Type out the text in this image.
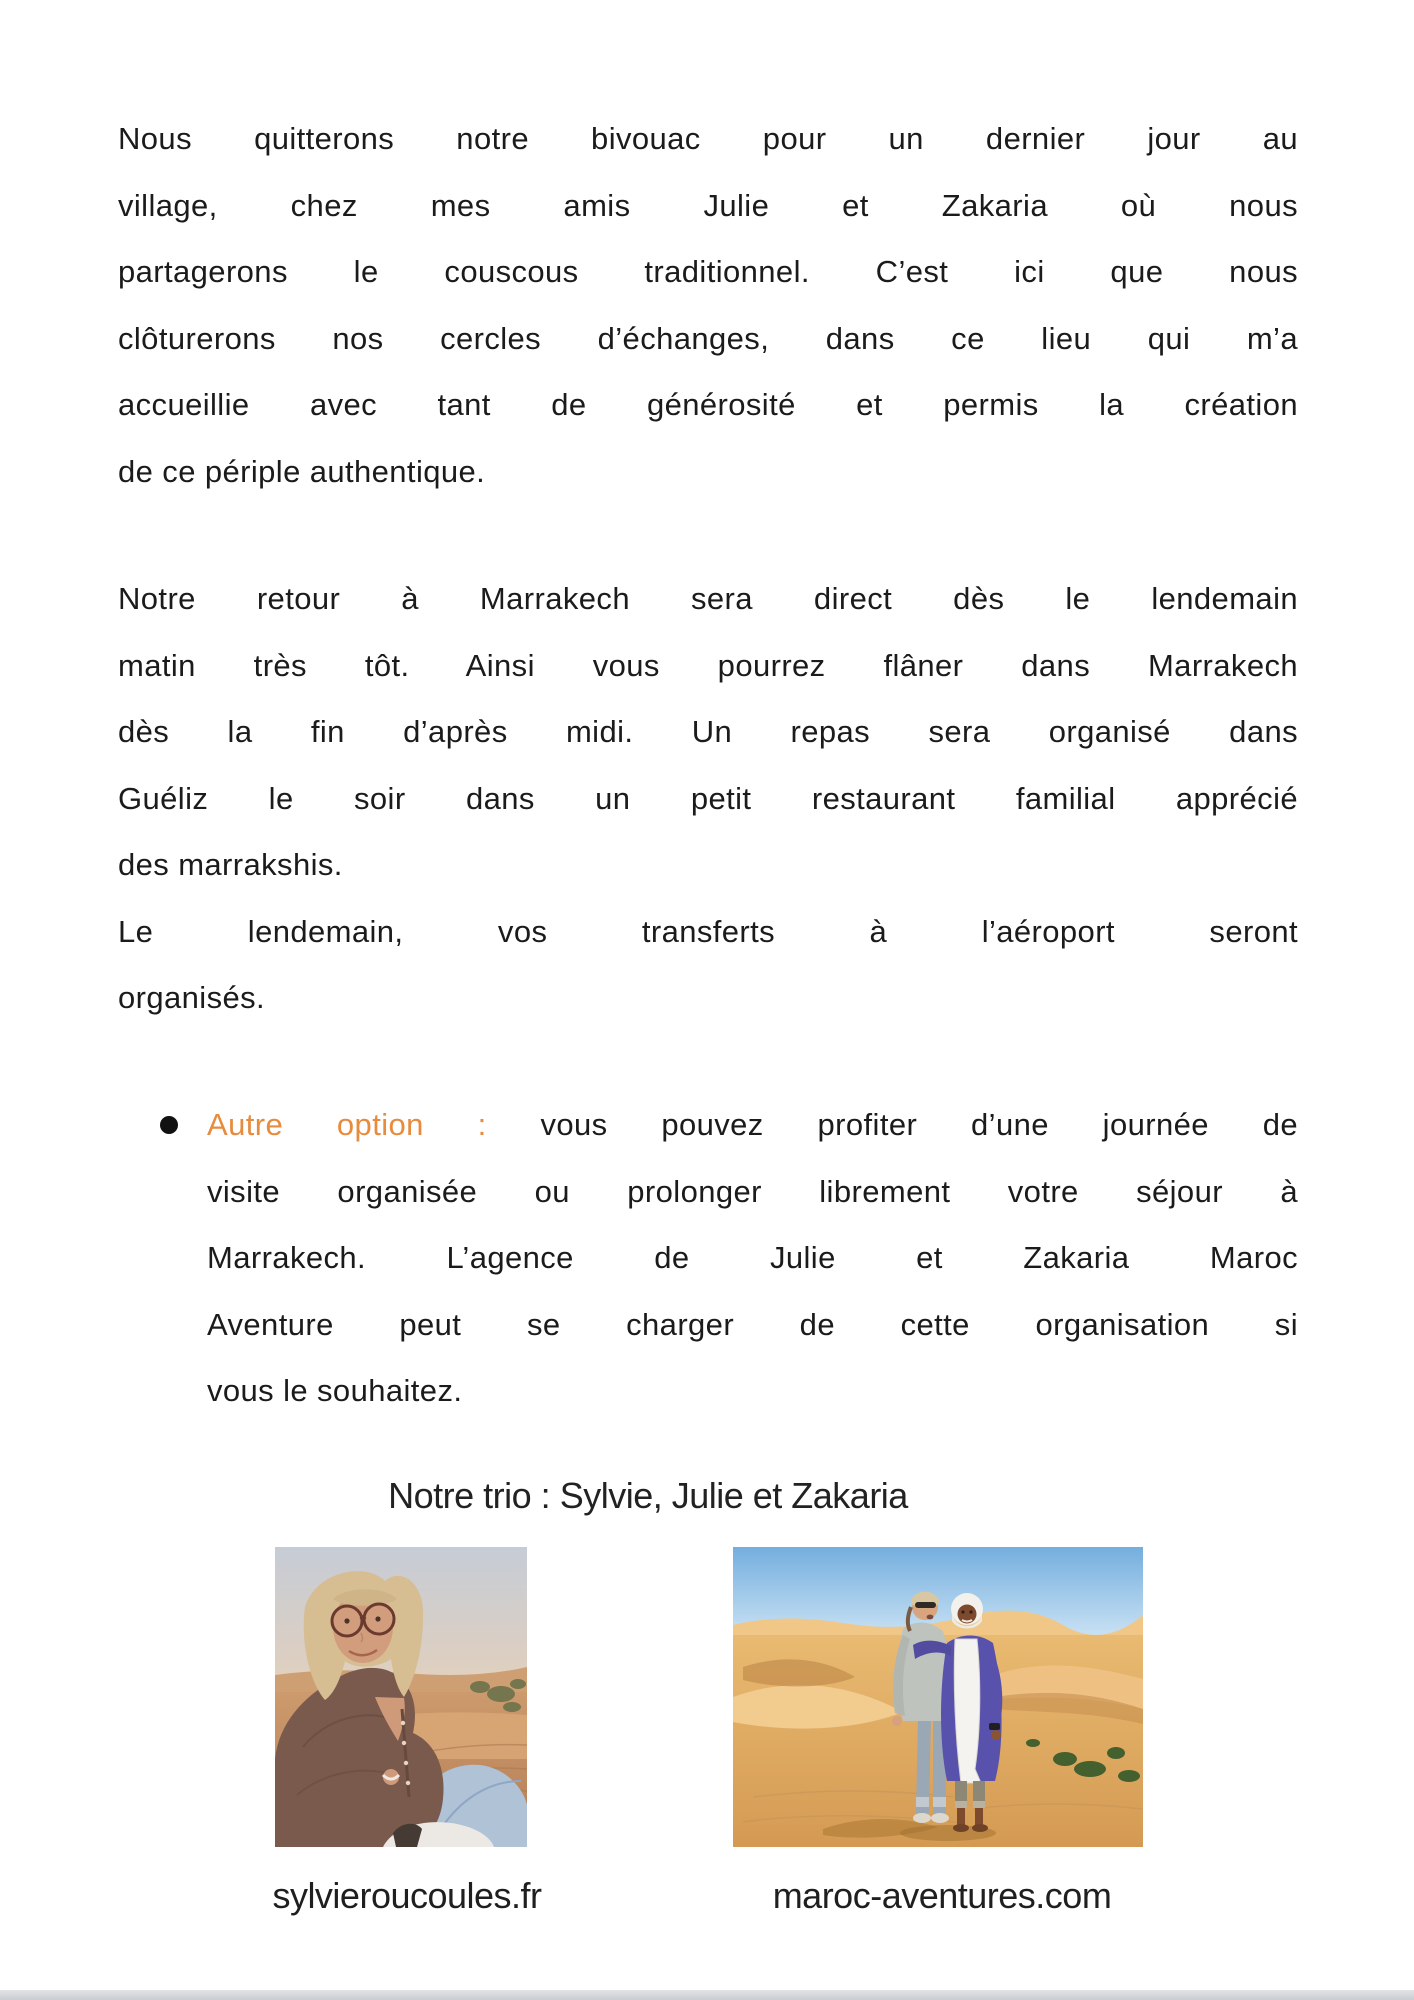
Nous quitterons notre bivouac pour un dernier jour au
village, chez mes amis Julie et Zakaria où nous
partagerons le couscous traditionnel. C’est ici que nous
clôturerons nos cercles d’échanges, dans ce lieu qui m’a
accueillie avec tant de générosité et permis la création
de ce périple authentique.
Notre retour à Marrakech sera direct dès le lendemain
matin très tôt. Ainsi vous pourrez flâner dans Marrakech
dès la fin d’après midi. Un repas sera organisé dans
Guéliz le soir dans un petit restaurant familial apprécié
des marrakshis.
Le lendemain, vos transferts à l’aéroport seront
organisés.
Autre option : vous pouvez profiter d’une journée de
visite organisée ou prolonger librement votre séjour à
Marrakech. L’agence de Julie et Zakaria Maroc
Aventure peut se charger de cette organisation si
vous le souhaitez.
Notre trio : Sylvie, Julie et Zakaria
sylvieroucoules.fr	maroc-aventures.com
